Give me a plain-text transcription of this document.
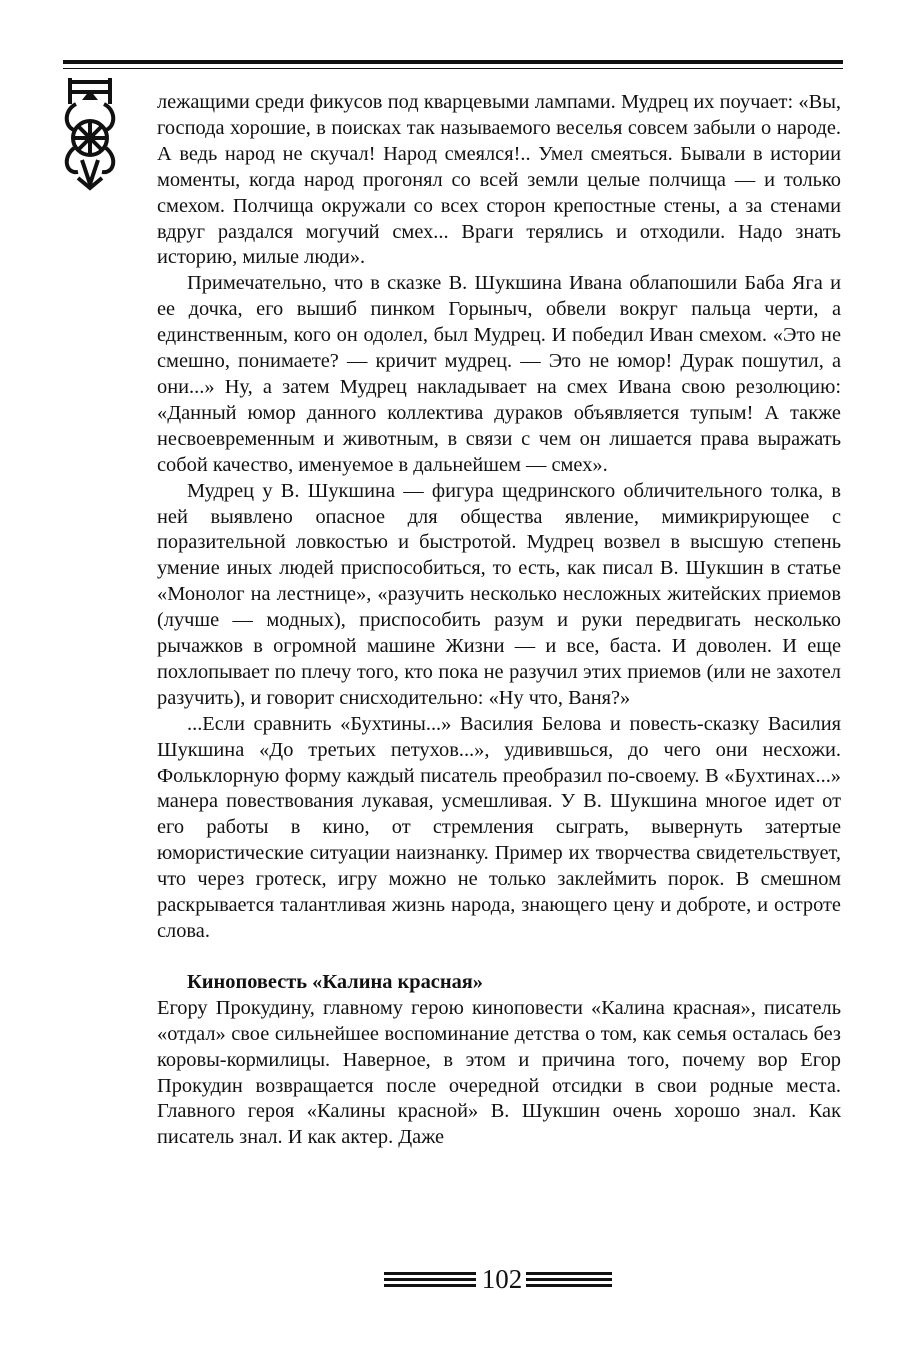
лежащими среди фикусов под кварцевыми лампами. Мудрец их поучает: «Вы, господа хорошие, в поисках так называемого веселья совсем забыли о народе. А ведь народ не скучал! Народ смеялся!.. Умел смеяться. Бывали в истории моменты, когда народ прогонял со всей земли целые полчища — и только смехом. Полчища окружали со всех сторон крепостные стены, а за стенами вдруг раздался могучий смех... Враги терялись и отходили. Надо знать историю, милые люди».

Примечательно, что в сказке В. Шукшина Ивана облапошили Баба Яга и ее дочка, его вышиб пинком Горыныч, обвели вокруг пальца черти, а единственным, кого он одолел, был Мудрец. И победил Иван смехом. «Это не смешно, понимаете? — кричит мудрец. — Это не юмор! Дурак пошутил, а они...» Ну, а затем Мудрец накладывает на смех Ивана свою резолюцию: «Данный юмор данного коллектива дураков объявляется тупым! А также несвоевременным и животным, в связи с чем он лишается права выражать собой качество, именуемое в дальнейшем — смех».

Мудрец у В. Шукшина — фигура щедринского обличительного толка, в ней выявлено опасное для общества явление, мимикрирующее с поразительной ловкостью и быстротой. Мудрец возвел в высшую степень умение иных людей приспособиться, то есть, как писал В. Шукшин в статье «Монолог на лестнице», «разучить несколько несложных житейских приемов (лучше — модных), приспособить разум и руки передвигать несколько рычажков в огромной машине Жизни — и все, баста. И доволен. И еще похлопывает по плечу того, кто пока не разучил этих приемов (или не захотел разучить), и говорит снисходительно: «Ну что, Ваня?»

...Если сравнить «Бухтины...» Василия Белова и повесть-сказку Василия Шукшина «До третьих петухов...», удивившься, до чего они несхожи. Фольклорную форму каждый писатель преобразил по-своему. В «Бухтинах...» манера повествования лукавая, усмешливая. У В. Шукшина многое идет от его работы в кино, от стремления сыграть, вывернуть затертые юмористические ситуации наизнанку. Пример их творчества свидетельствует, что через гротеск, игру можно не только заклеймить порок. В смешном раскрывается талантливая жизнь народа, знающего цену и доброте, и остроте слова.

Киноповесть «Калина красная»

Егору Прокудину, главному герою киноповести «Калина красная», писатель «отдал» свое сильнейшее воспоминание детства о том, как семья осталась без коровы-кормилицы. Наверное, в этом и причина того, почему вор Егор Прокудин возвращается после очередной отсидки в свои родные места. Главного героя «Калины красной» В. Шукшин очень хорошо знал. Как писатель знал. И как актер. Даже

102
